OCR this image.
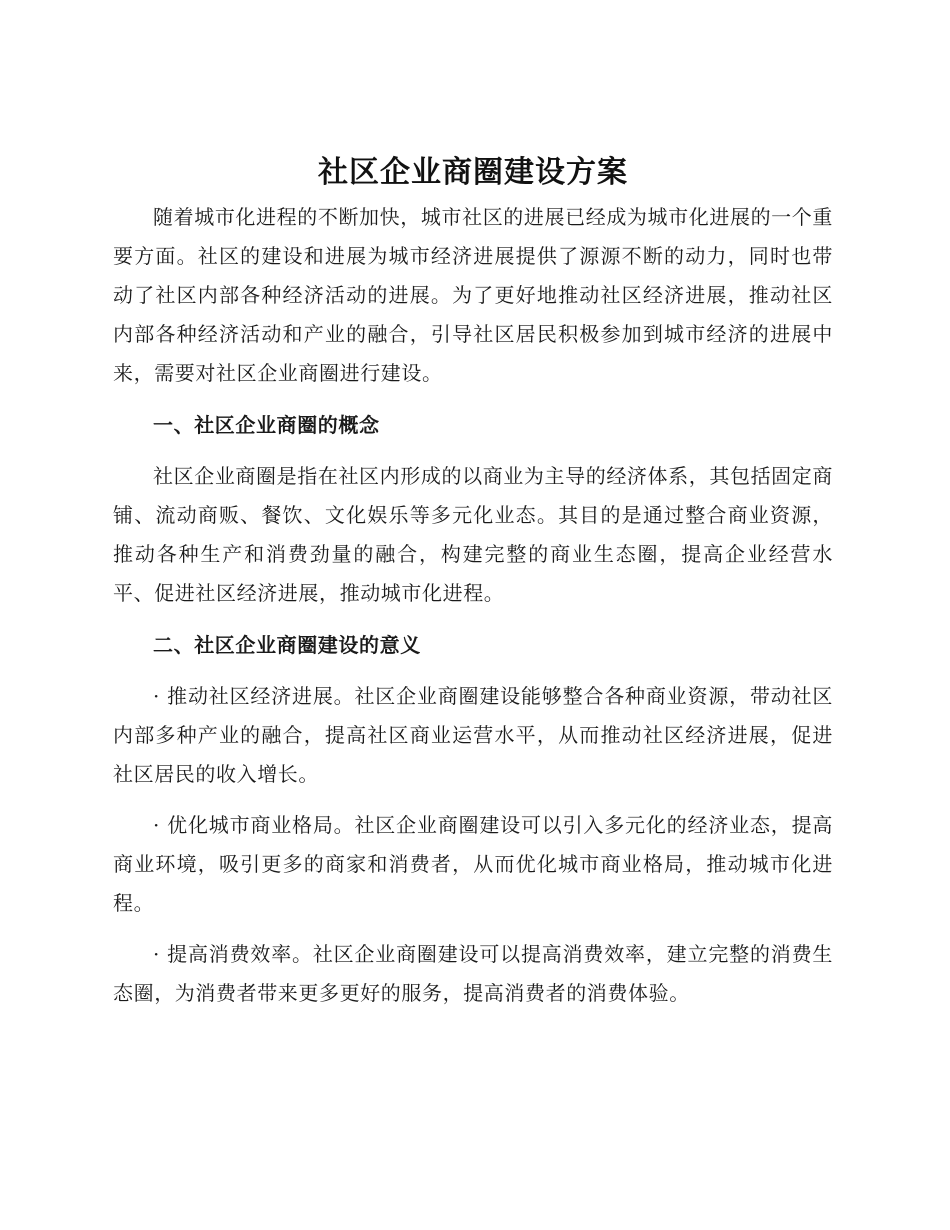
社区企业商圈建设方案

随着城市化进程的不断加快，城市社区的进展已经成为城市化进展的一个重要方面。社区的建设和进展为城市经济进展提供了源源不断的动力，同时也带动了社区内部各种经济活动的进展。为了更好地推动社区经济进展，推动社区内部各种经济活动和产业的融合，引导社区居民积极参加到城市经济的进展中来，需要对社区企业商圈进行建设。

一、社区企业商圈的概念

社区企业商圈是指在社区内形成的以商业为主导的经济体系，其包括固定商铺、流动商贩、餐饮、文化娱乐等多元化业态。其目的是通过整合商业资源，推动各种生产和消费劲量的融合，构建完整的商业生态圈，提高企业经营水平、促进社区经济进展，推动城市化进程。

二、社区企业商圈建设的意义

· 推动社区经济进展。社区企业商圈建设能够整合各种商业资源，带动社区内部多种产业的融合，提高社区商业运营水平，从而推动社区经济进展，促进社区居民的收入增长。

· 优化城市商业格局。社区企业商圈建设可以引入多元化的经济业态，提高商业环境，吸引更多的商家和消费者，从而优化城市商业格局，推动城市化进程。

· 提高消费效率。社区企业商圈建设可以提高消费效率，建立完整的消费生态圈，为消费者带来更多更好的服务，提高消费者的消费体验。
